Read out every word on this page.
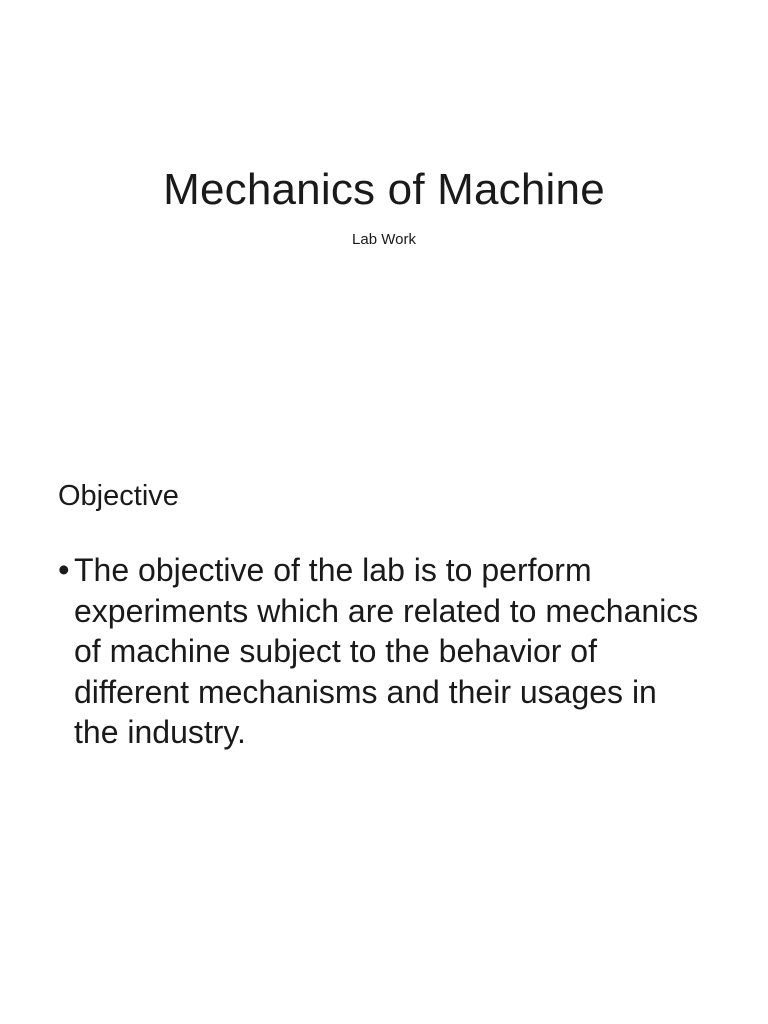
Mechanics of Machine

Lab Work

Objective
• The objective of the lab is to perform experiments which are related to mechanics of machine subject to the behavior of different mechanisms and their usages in the industry.
